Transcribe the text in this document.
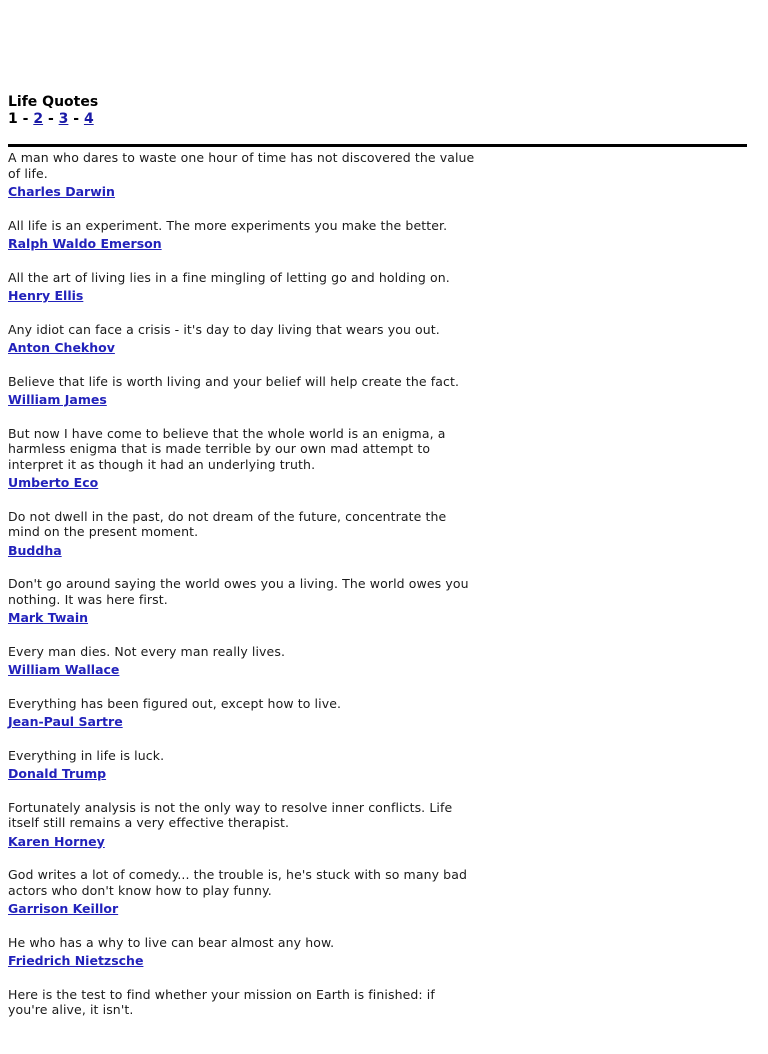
Life Quotes
1 - 2 - 3 - 4
A man who dares to waste one hour of time has not discovered the value of life.
Charles Darwin
All life is an experiment. The more experiments you make the better.
Ralph Waldo Emerson
All the art of living lies in a fine mingling of letting go and holding on.
Henry Ellis
Any idiot can face a crisis - it's day to day living that wears you out.
Anton Chekhov
Believe that life is worth living and your belief will help create the fact.
William James
But now I have come to believe that the whole world is an enigma, a harmless enigma that is made terrible by our own mad attempt to interpret it as though it had an underlying truth.
Umberto Eco
Do not dwell in the past, do not dream of the future, concentrate the mind on the present moment.
Buddha
Don't go around saying the world owes you a living. The world owes you nothing. It was here first.
Mark Twain
Every man dies. Not every man really lives.
William Wallace
Everything has been figured out, except how to live.
Jean-Paul Sartre
Everything in life is luck.
Donald Trump
Fortunately analysis is not the only way to resolve inner conflicts. Life itself still remains a very effective therapist.
Karen Horney
God writes a lot of comedy... the trouble is, he's stuck with so many bad actors who don't know how to play funny.
Garrison Keillor
He who has a why to live can bear almost any how.
Friedrich Nietzsche
Here is the test to find whether your mission on Earth is finished: if you're alive, it isn't.
